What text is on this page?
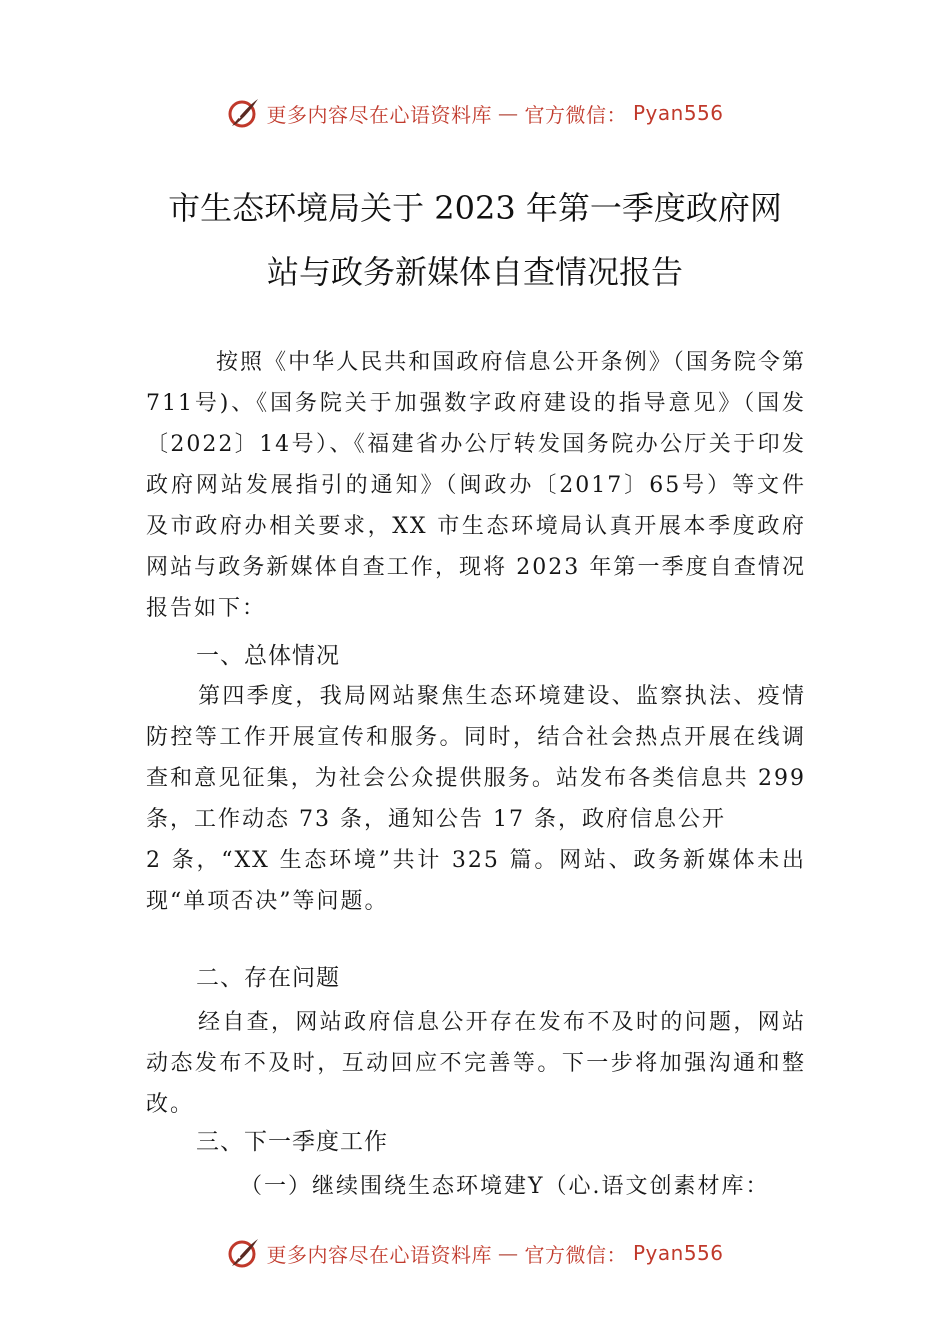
更多内容尽在心语资料库 — 官方微信： Pyan556
市生态环境局关于 2023 年第一季度政府网
站与政务新媒体自查情况报告
按照《中华人民共和国政府信息公开条例》（国务院令第711号)、《国务院关于加强数字政府建设的指导意见》（国发〔2022〕14号）、《福建省办公厅转发国务院办公厅关于印发政府网站发展指引的通知》（闽政办〔2017〕65号）等文件及市政府办相关要求，XX 市生态环境局认真开展本季度政府网站与政务新媒体自查工作，现将 2023 年第一季度自查情况报告如下：
一、总体情况
第四季度，我局网站聚焦生态环境建设、监察执法、疫情防控等工作开展宣传和服务。同时，结合社会热点开展在线调查和意见征集，为社会公众提供服务。站发布各类信息共 299 条，工作动态 73 条，通知公告 17 条，政府信息公开
2 条，“XX 生态环境”共计 325 篇。网站、政务新媒体未出现“单项否决”等问题。
二、存在问题
经自查，网站政府信息公开存在发布不及时的问题，网站动态发布不及时，互动回应不完善等。下一步将加强沟通和整改。
三、下一季度工作
（一）继续围绕生态环境建Y（心.语文创素材库：
更多内容尽在心语资料库 — 官方微信： Pyan556
